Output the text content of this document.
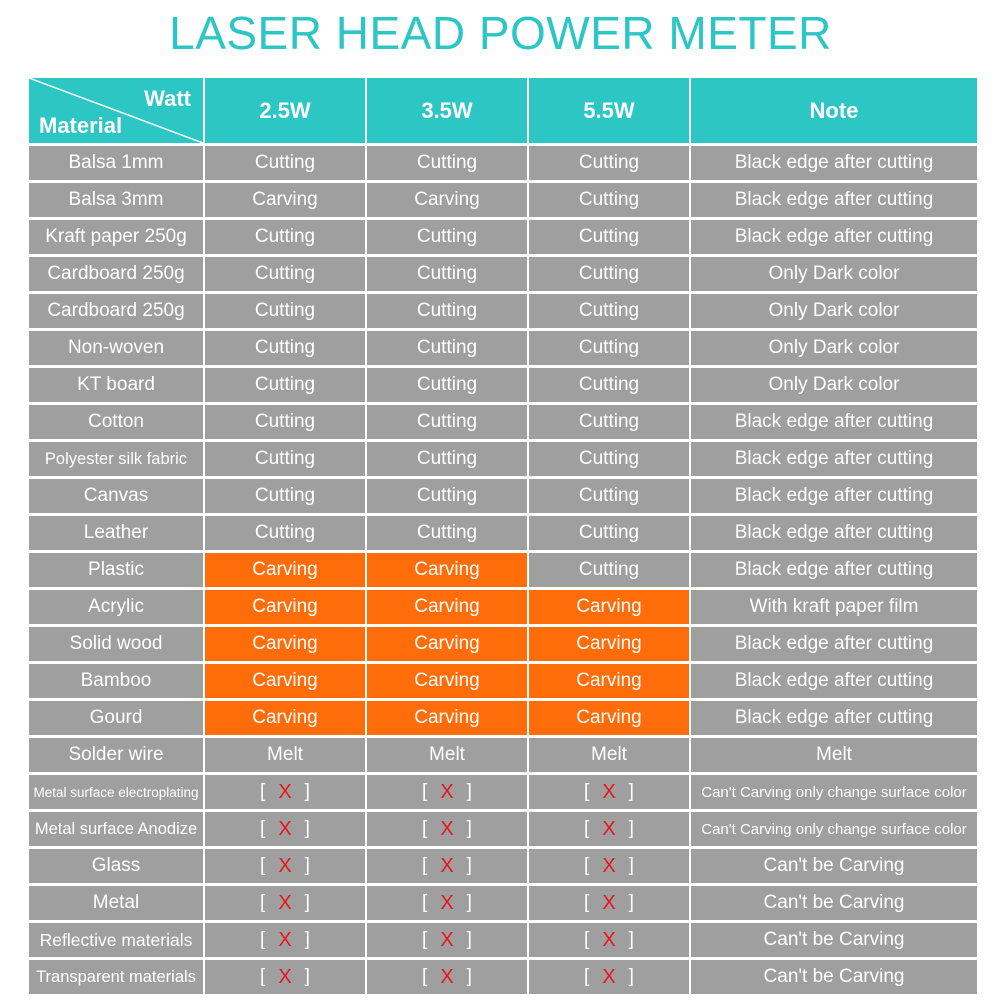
LASER HEAD POWER METER
Watt
Material	2.5W	3.5W	5.5W	Note
Balsa 1mm	Cutting	Cutting	Cutting	Black edge after cutting
Balsa 3mm	Carving	Carving	Cutting	Black edge after cutting
Kraft paper 250g	Cutting	Cutting	Cutting	Black edge after cutting
Cardboard 250g	Cutting	Cutting	Cutting	Only Dark color
Cardboard 250g	Cutting	Cutting	Cutting	Only Dark color
Non-woven	Cutting	Cutting	Cutting	Only Dark color
KT board	Cutting	Cutting	Cutting	Only Dark color
Cotton	Cutting	Cutting	Cutting	Black edge after cutting
Polyester silk fabric	Cutting	Cutting	Cutting	Black edge after cutting
Canvas	Cutting	Cutting	Cutting	Black edge after cutting
Leather	Cutting	Cutting	Cutting	Black edge after cutting
Plastic	Carving	Carving	Cutting	Black edge after cutting
Acrylic	Carving	Carving	Carving	With kraft paper film
Solid wood	Carving	Carving	Carving	Black edge after cutting
Bamboo	Carving	Carving	Carving	Black edge after cutting
Gourd	Carving	Carving	Carving	Black edge after cutting
Solder wire	Melt	Melt	Melt	Melt
Metal surface electroplating	[ X ]	[ X ]	[ X ]	Can't Carving only change surface color
Metal surface Anodize	[ X ]	[ X ]	[ X ]	Can't Carving only change surface color
Glass	[ X ]	[ X ]	[ X ]	Can't be Carving
Metal	[ X ]	[ X ]	[ X ]	Can't be Carving
Reflective materials	[ X ]	[ X ]	[ X ]	Can't be Carving
Transparent materials	[ X ]	[ X ]	[ X ]	Can't be Carving
